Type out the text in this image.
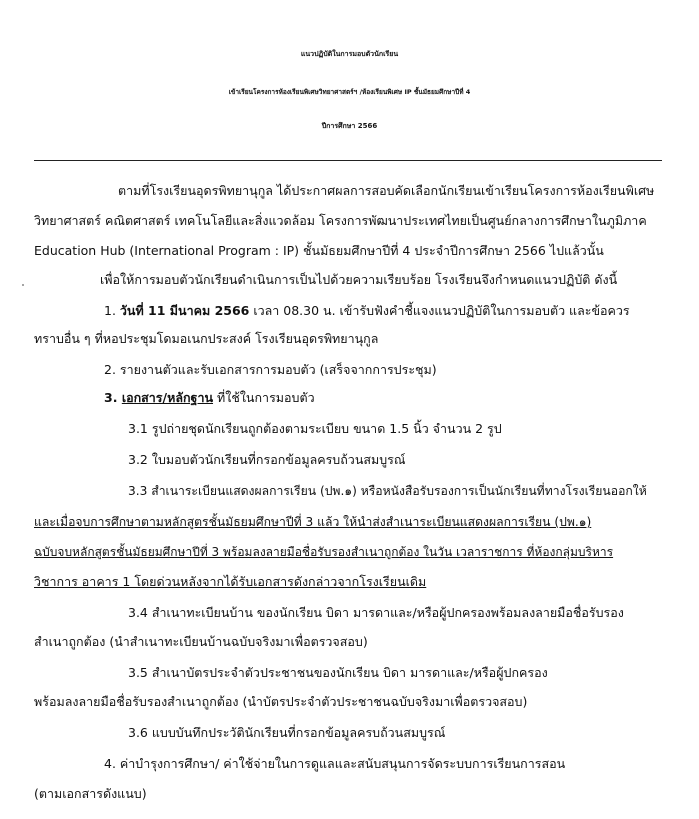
แนวปฏิบัติในการมอบตัวนักเรียน
เข้าเรียนโครงการห้องเรียนพิเศษวิทยาศาสตร์ฯ /ห้องเรียนพิเศษ IP ชั้นมัธยมศึกษาปีที่ 4
ปีการศึกษา 2566
ตามที่โรงเรียนอุดรพิทยานุกูล ได้ประกาศผลการสอบคัดเลือกนักเรียนเข้าเรียนโครงการห้องเรียนพิเศษ
วิทยาศาสตร์ คณิตศาสตร์ เทคโนโลยีและสิ่งแวดล้อม โครงการพัฒนาประเทศไทยเป็นศูนย์กลางการศึกษาในภูมิภาค
Education Hub (International Program : IP) ชั้นมัธยมศึกษาปีที่ 4 ประจำปีการศึกษา 2566 ไปแล้วนั้น
เพื่อให้การมอบตัวนักเรียนดำเนินการเป็นไปด้วยความเรียบร้อย โรงเรียนจึงกำหนดแนวปฏิบัติ ดังนี้
1. วันที่ 11 มีนาคม 2566 เวลา 08.30 น. เข้ารับฟังคำชี้แจงแนวปฏิบัติในการมอบตัว และข้อควร
ทราบอื่น ๆ ที่หอประชุมโดมอเนกประสงค์ โรงเรียนอุดรพิทยานุกูล
2. รายงานตัวและรับเอกสารการมอบตัว (เสร็จจากการประชุม)
3. เอกสาร/หลักฐาน ที่ใช้ในการมอบตัว
3.1 รูปถ่ายชุดนักเรียนถูกต้องตามระเบียบ ขนาด 1.5 นิ้ว จำนวน 2 รูป
3.2 ใบมอบตัวนักเรียนที่กรอกข้อมูลครบถ้วนสมบูรณ์
3.3 สำเนาระเบียนแสดงผลการเรียน (ปพ.๑) หรือหนังสือรับรองการเป็นนักเรียนที่ทางโรงเรียนออกให้
และเมื่อจบการศึกษาตามหลักสูตรชั้นมัธยมศึกษาปีที่ 3 แล้ว ให้นำส่งสำเนาระเบียนแสดงผลการเรียน (ปพ.๑)
ฉบับจบหลักสูตรชั้นมัธยมศึกษาปีที่ 3 พร้อมลงลายมือชื่อรับรองสำเนาถูกต้อง ในวัน เวลาราชการ ที่ห้องกลุ่มบริหาร
วิชาการ อาคาร 1 โดยด่วนหลังจากได้รับเอกสารดังกล่าวจากโรงเรียนเดิม
3.4 สำเนาทะเบียนบ้าน ของนักเรียน บิดา มารดาและ/หรือผู้ปกครองพร้อมลงลายมือชื่อรับรอง
สำเนาถูกต้อง (นำสำเนาทะเบียนบ้านฉบับจริงมาเพื่อตรวจสอบ)
3.5 สำเนาบัตรประจำตัวประชาชนของนักเรียน บิดา มารดาและ/หรือผู้ปกครอง
พร้อมลงลายมือชื่อรับรองสำเนาถูกต้อง (นำบัตรประจำตัวประชาชนฉบับจริงมาเพื่อตรวจสอบ)
3.6 แบบบันทึกประวัตินักเรียนที่กรอกข้อมูลครบถ้วนสมบูรณ์
4. ค่าบำรุงการศึกษา/ ค่าใช้จ่ายในการดูแลและสนับสนุนการจัดระบบการเรียนการสอน
(ตามเอกสารดังแนบ)
